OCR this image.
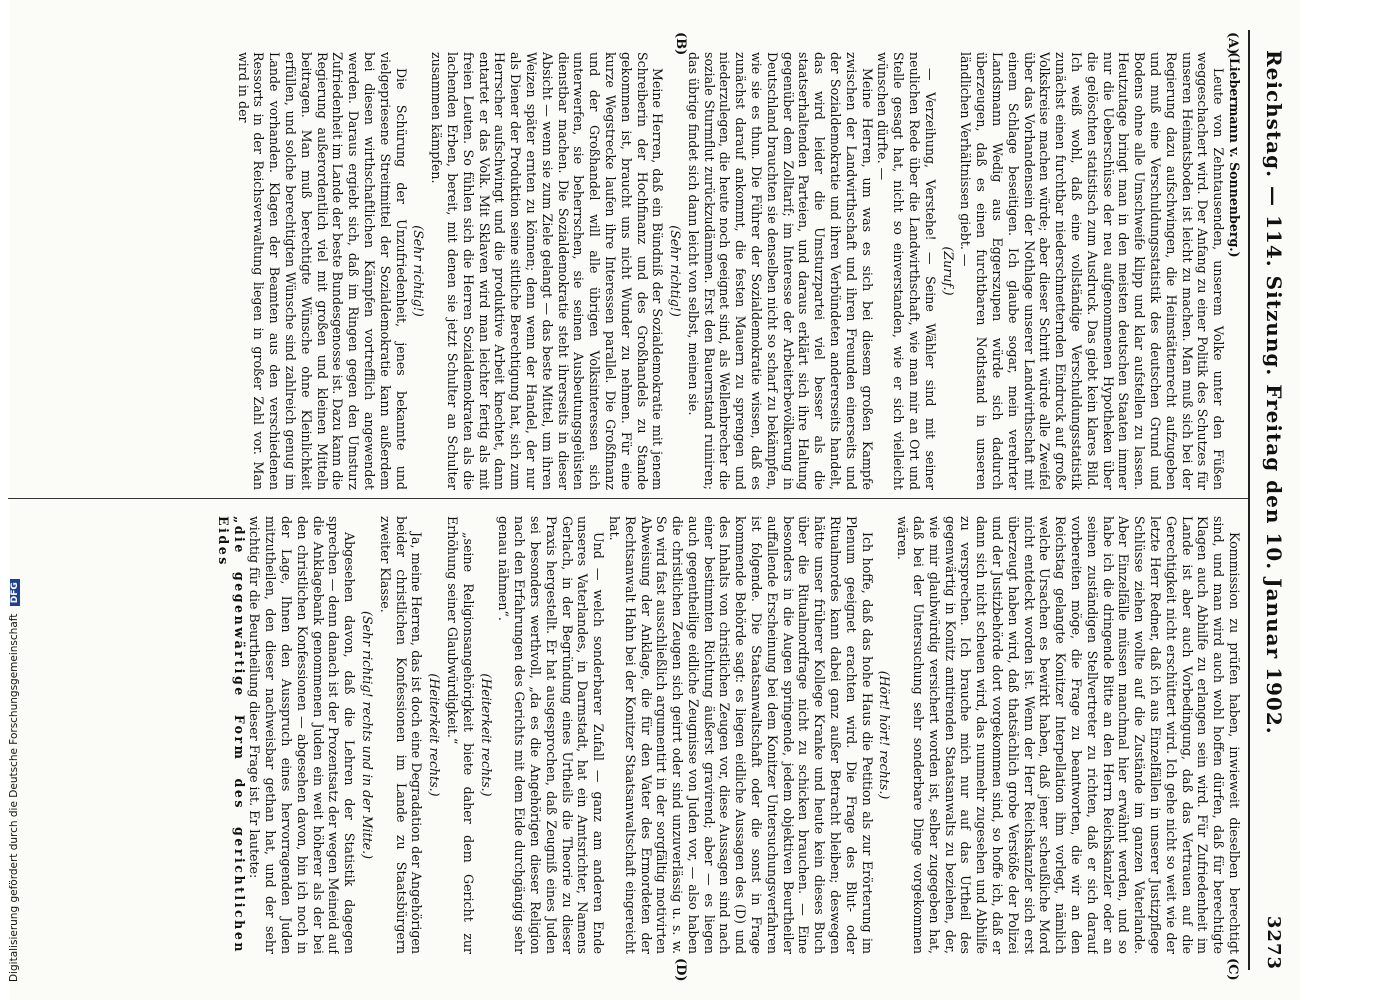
Reichstag. — 114. Sitzung. Freitag den 10. Januar 1902.
3273
(A)
(B)
(C)
(D)

(Liebermann v. Sonnenberg.)

Leute von Zehntausenden, unserem Volke unter den Füßen weggeschachert wird. Der Anfang zu einer Politik des Schutzes für unseren Heimatsboden ist leicht zu machen. Man muß sich bei der Regierung dazu aufschwingen, die Heimstättenrecht aufzugeben und muß eine Verschuldungsstatistik des deutschen Grund und Bodens ohne alle Umschweife klipp und klar aufstellen zu lassen. Heutzutage bringt man in den meisten deutschen Staaten immer nur die Ueberschüsse der neu aufgenommenen Hypotheken über die gelöschten statistisch zum Ausdruck. Das giebt kein klares Bild. Ich weiß wohl, daß eine vollständige Verschuldungsstatistik zunächst einen furchtbar niederschmetternden Eindruck auf große Volkskreise machen würde; aber dieser Schritt würde alle Zweifel über das Vorhandensein der Nothlage unserer Landwirthschaft mit einem Schlage beseitigen. Ich glaube sogar, mein verehrter Landsmann Wedig aus Eggerszupen würde sich dadurch überzeugen, daß es einen furchtbaren Nothstand in unseren ländlichen Verhältnissen giebt. —

(Zuruf.)

— Verzeihung, Verstehe! — Seine Wähler sind mit seiner neulichen Rede über die Landwirthschaft, wie man mir an Ort und Stelle gesagt hat, nicht so einverstanden, wie er sich vielleicht wünschen dürfte. —

Meine Herren, um was es sich bei diesem großen Kampfe zwischen der Landwirthschaft und ihren Freunden einerseits und der Sozialdemokratie und ihren Verbündeten andererseits handelt, das wird leider die Umsturzpartei viel besser als die staatserhaltenden Parteien, und daraus erklärt sich ihre Haltung gegenüber dem Zolltarif; im Interesse der Arbeiterbevölkerung in Deutschland brauchten sie denselben nicht so scharf zu bekämpfen, wie sie es thun. Die Führer der Sozialdemokratie wissen, daß es zunächst darauf ankommt, die festen Mauern zu sprengen und niederzulegen, die heute noch geeignet sind, als Wellenbrecher die soziale Sturmflut zurückzudämmen. Erst den Bauernstand ruiniren; das übrige findet sich dann leicht von selbst, meinen sie.

(Sehr richtig!)

Meine Herren, daß ein Bündniß der Sozialdemokratie mit jenem Schreiberin der Hochfinanz und des Großhandels zu Stande gekommen ist, braucht uns nicht Wunder zu nehmen. Für eine kurze Wegstrecke laufen ihre Interessen parallel. Die Großfinanz und der Großhandel will alle übrigen Volksinteressen sich unterwerfen, sie beherrschen, sie seinen Ausbeutungsgelüsten dienstbar machen. Die Sozialdemokratie steht ihrerseits in dieser Absicht — wenn sie zum Ziele gelangt — das beste Mittel, um ihren Weizen später ernten zu können; denn wenn der Handel, der nur als Diener der Produktion seine sittliche Berechtigung hat, sich zum Herrscher aufschwingt und die produktive Arbeit knechtet, dann entartet er das Volk. Mit Sklaven wird man leichter fertig als mit freien Leuten. So fühlen sich die Herren Sozialdemokraten als die lachenden Erben, bereit, mit denen sie jetzt Schulter an Schulter zusammen kämpfen.

(Sehr richtig!)

Die Schürung der Unzufriedenheit, jenes bekannte und vielgepriesene Streitmittel der Sozialdemokratie kann außerdem bei diesen wirthschaftlichen Kämpfen vortrefflich angewendet werden. Daraus ergiebt sich, daß im Ringen gegen den Umsturz Zufriedenheit im Lande der beste Bundesgenosse ist. Dazu kann die Regierung außerordentlich viel mit großen und kleinen Mitteln beitragen. Man muß berechtigte Wünsche ohne Kleinlichkeit erfüllen, und solche berechtigten Wünsche sind zahlreich genug im Lande vorhanden. Klagen der Beamten aus den verschiedenen Ressorts in der Reichsverwaltung liegen in großer Zahl vor. Man wird in der

Kommission zu prüfen haben, inwieweit dieselben berechtigt sind, und man wird auch wohl hoffen dürfen, daß für berechtigte Klagen auch Abhilfe zu erlangen sein wird. Für Zufriedenheit im Lande ist aber auch Vorbedingung, daß das Vertrauen auf die Gerechtigkeit nicht erschüttert wird. Ich gehe nicht so weit wie der letzte Herr Redner, daß ich aus Einzelfällen in unserer Justizpflege Schlüsse ziehen wollte auf die Zustände im ganzen Vaterlande. Aber Einzelfälle müssen manchmal hier erwähnt werden, und so habe ich die dringende Bitte an den Herrn Reichskanzler oder an seinen zuständigen Stellvertreter zu richten, daß er sich darauf vorbereiten möge, die Frage zu beantworten, die wir an den Reichstag gelangte Konitzer Interpellation ihm vorlegt, nämlich welche Ursachen es bewirkt haben, daß jener scheußliche Mord nicht entdeckt worden ist. Wenn der Herr Reichskanzler sich erst überzeugt haben wird, daß thatsächlich grobe Verstöße der Polizei und der Justizbehörde dort vorgekommen sind, so hoffe ich, daß er dann sich nicht scheuen wird, das nunmehr zugesehen und Abhilfe zu versprechen. Ich brauche mich nur auf das Urtheil des gegenwärtig in Konitz amtirenden Staatsanwalts zu beziehen, der, wie mir glaubwürdig versichert worden ist, selber zugegeben hat, daß bei der Untersuchung sehr sonderbare Dinge vorgekommen wären.

(Hört! hört! rechts.)

Ich hoffe, daß das hohe Haus die Petition als zur Erörterung im Plenum geeignet erachten wird. Die Frage des Blut- oder Ritualmordes kann dabei ganz außer Betracht bleiben; deswegen hätte unser früherer Kollege Kranke und heute kein dieses Buch über die Ritualmordfrage nicht zu schicken brauchen. — Eine besonders in die Augen springende, jedem objektiven Beurtheiler auffallende Erscheinung bei dem Konitzer Untersuchungsverfahren ist folgende. Die Staatsanwaltschaft oder die sonst in Frage kommende Behörde sagt: es liegen eidliche Aussagen des (D) und des Inhalts von christlichen Zeugen vor, diese Aussagen sind nach einer bestimmten Richtung äußerst gravirend; aber — es liegen auch gegentheilige eidliche Zeugnisse von Juden vor, — also haben die christlichen Zeugen sich geirrt oder sind unzuverlässig u. s. w. So wird fast ausschließlich argumentirt in der sorgfältig motivirten Abweisung der Anklage, die für den Vater des Ermordeten der Rechtsanwalt Hahn bei der Konitzer Staatsanwaltschaft eingereicht hat.

Und — welch sonderbarer Zufall — ganz am anderen Ende unseres Vaterlandes, in Darmstadt, hat ein Amtsrichter, Namens Gerlach, in der Begründung eines Urtheils die Theorie zu dieser Praxis hergestellt. Er hat ausgesprochen, daß Zeugniß eines Juden sei besonders werthvoll, „da es die Angehörigen dieser Religion nach den Erfahrungen des Gerichts mit dem Eide durchgängig sehr genau nähmen“.

(Heiterkeit rechts.)

„seine Religionsangehörigkeit biete daher dem Gericht zur Erhöhung seiner Glaubwürdigkeit.“

(Heiterkeit rechts.)

Ja, meine Herren, das ist doch eine Degradation der Angehörigen beider christlichen Konfessionen im Lande zu Staatsbürgern zweiter Klasse.

(Sehr richtig! rechts und in der Mitte.)

Abgesehen davon, daß die Lehren der Statistik dagegen sprechen — denn danach ist der Prozentsatz der wegen Meineid auf die Anklagebank genommenen Juden ein weit höherer als der bei den christlichen Konfessionen — abgesehen davon, bin ich noch in der Lage, Ihnen den Ausspruch eines hervorragenden Juden mitzutheilen, den dieser nachweisbar gethan hat, und der sehr wichtig für die Beurtheilung dieser Frage ist. Er lautete:

„die gegenwärtige Form des gerichtlichen Eides

Digitalisierung gefördert durch die Deutsche Forschungsgemeinschaft DFG
